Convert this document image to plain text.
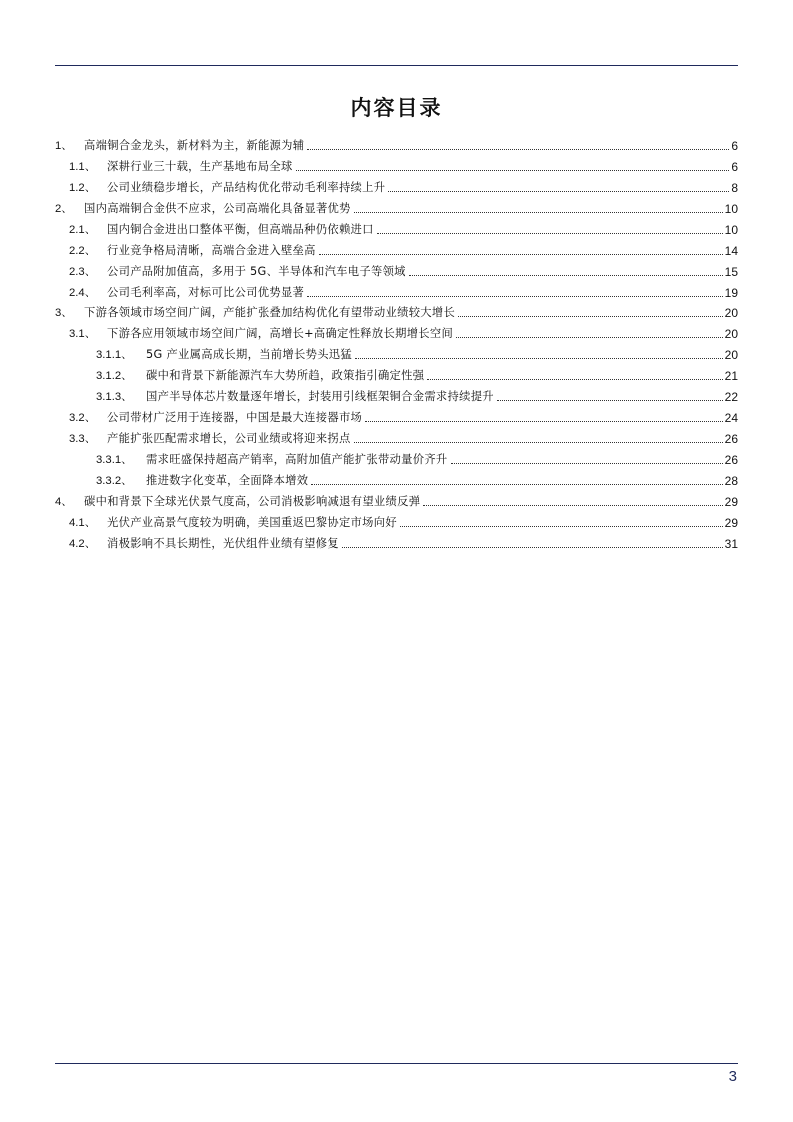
内容目录
1、	高端铜合金龙头，新材料为主，新能源为辅	6
1.1、 深耕行业三十载，生产基地布局全球	6
1.2、 公司业绩稳步增长，产品结构优化带动毛利率持续上升	8
2、	国内高端铜合金供不应求，公司高端化具备显著优势	10
2.1、 国内铜合金进出口整体平衡，但高端品种仍依赖进口	10
2.2、 行业竞争格局清晰，高端合金进入壁垒高	14
2.3、 公司产品附加值高，多用于 5G、半导体和汽车电子等领域	15
2.4、 公司毛利率高，对标可比公司优势显著	19
3、	下游各领域市场空间广阔，产能扩张叠加结构优化有望带动业绩较大增长	20
3.1、 下游各应用领域市场空间广阔，高增长+高确定性释放长期增长空间	20
3.1.1、	5G 产业属高成长期，当前增长势头迅猛	20
3.1.2、	碳中和背景下新能源汽车大势所趋，政策指引确定性强	21
3.1.3、	国产半导体芯片数量逐年增长，封装用引线框架铜合金需求持续提升	22
3.2、 公司带材广泛用于连接器，中国是最大连接器市场	24
3.3、 产能扩张匹配需求增长，公司业绩或将迎来拐点	26
3.3.1、	需求旺盛保持超高产销率，高附加值产能扩张带动量价齐升	26
3.3.2、	推进数字化变革，全面降本增效	28
4、	碳中和背景下全球光伏景气度高，公司消极影响减退有望业绩反弹	29
4.1、 光伏产业高景气度较为明确，美国重返巴黎协定市场向好	29
4.2、 消极影响不具长期性，光伏组件业绩有望修复	31
3
